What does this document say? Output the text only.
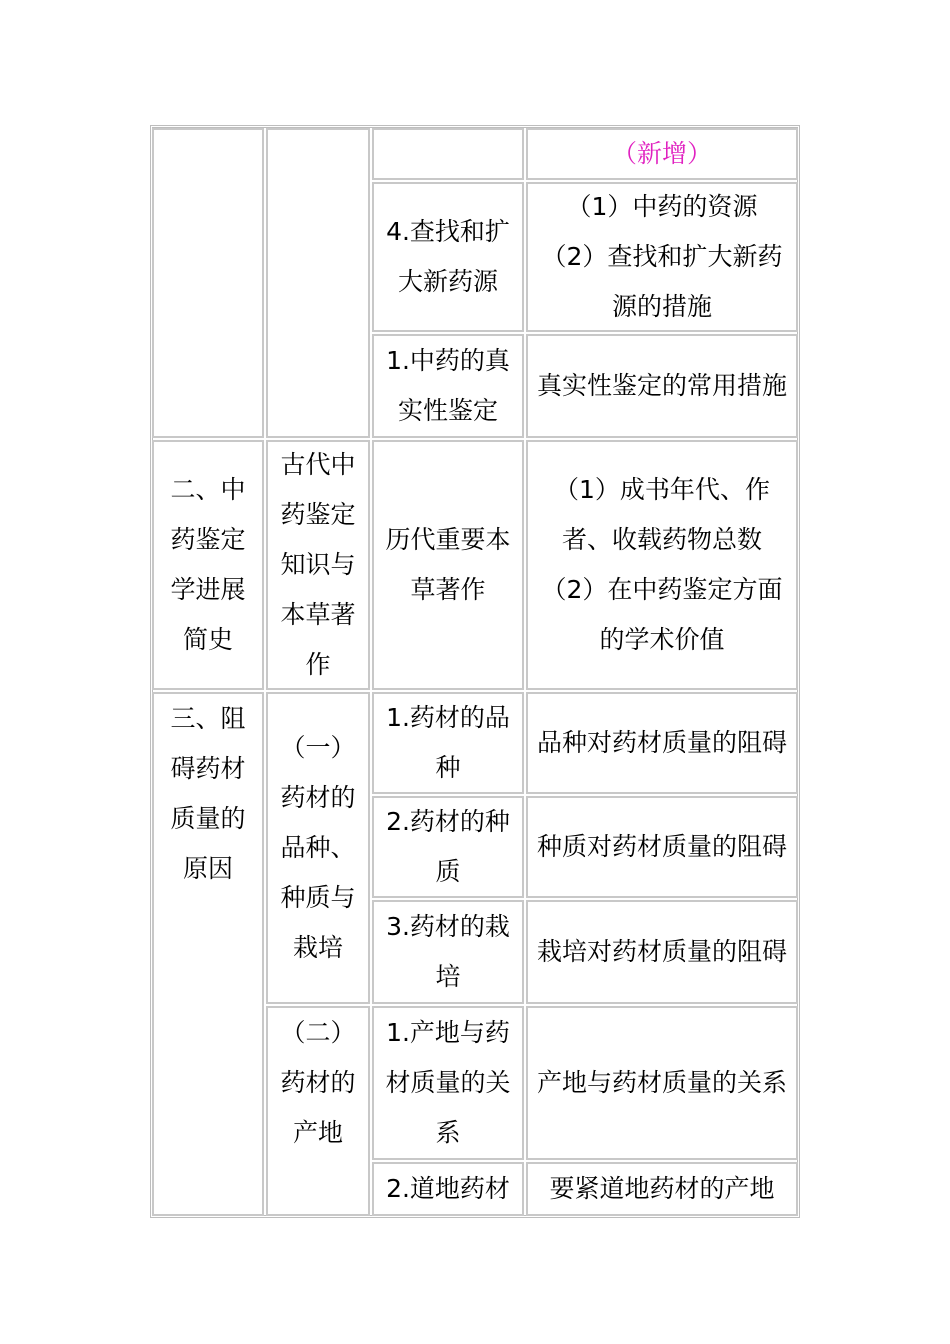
（新增）
4.查找和扩大新药源
（1）中药的资源
（2）查找和扩大新药源的措施
1.中药的真实性鉴定
真实性鉴定的常用措施
二、中药鉴定学进展简史
古代中药鉴定知识与本草著作
历代重要本草著作
（1）成书年代、作者、收载药物总数
（2）在中药鉴定方面的学术价值
三、阻碍药材质量的原因
（一）药材的品种、种质与栽培
1.药材的品种
品种对药材质量的阻碍
2.药材的种质
种质对药材质量的阻碍
3.药材的栽培
栽培对药材质量的阻碍
（二）药材的产地
1.产地与药材质量的关系
产地与药材质量的关系
2.道地药材 要紧道地药材的产地
